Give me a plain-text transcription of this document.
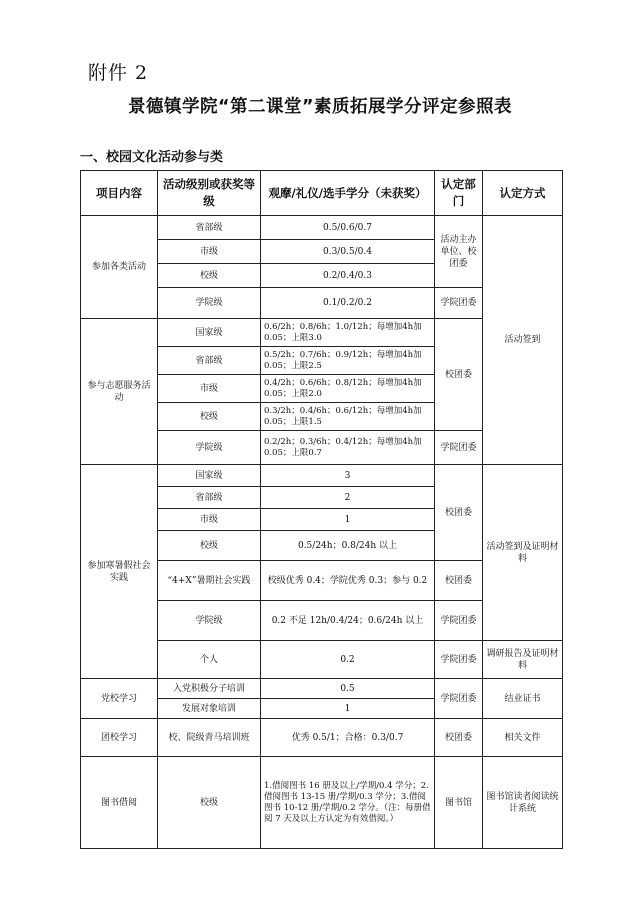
附件 2
景德镇学院“第二课堂”素质拓展学分评定参照表
一、校园文化活动参与类
项目内容	活动级别或获奖等级	观摩/礼仪/选手学分（未获奖）	认定部门	认定方式
参加各类活动	省部级	0.5/0.6/0.7	活动主办单位、校团委	活动签到
	市级	0.3/0.5/0.4		
	校级	0.2/0.4/0.3		
	学院级	0.1/0.2/0.2	学院团委	
参与志愿服务活动	国家级	0.6/2h；0.8/6h；1.0/12h；每增加4h加0.05；上限3.0	校团委	
	省部级	0.5/2h；0.7/6h；0.9/12h；每增加4h加0.05；上限2.5		
	市级	0.4/2h；0.6/6h；0.8/12h；每增加4h加0.05；上限2.0		
	校级	0.3/2h；0.4/6h；0.6/12h；每增加4h加0.05；上限1.5		
	学院级	0.2/2h；0.3/6h；0.4/12h；每增加4h加0.05；上限0.7	学院团委	
参加寒暑假社会实践	国家级	3	校团委	活动签到及证明材料
	省部级	2		
	市级	1		
	校级	0.5/24h；0.8/24h 以上		
	“4+X”暑期社会实践	校级优秀 0.4；学院优秀 0.3；参与 0.2	校团委	
	学院级	0.2 不足 12h/0.4/24；0.6/24h 以上	学院团委	
	个人	0.2	学院团委	调研报告及证明材料
党校学习	入党积极分子培训	0.5	学院团委	结业证书
	发展对象培训	1		
团校学习	校、院级青马培训班	优秀 0.5/1；合格：0.3/0.7	校团委	相关文件
图书借阅	校级	1.借阅图书 16 册及以上/学期/0.4 学分；2.借阅图书 13-15 册/学期/0.3 学分；3.借阅图书 10-12 册/学期/0.2 学分。（注：每册借阅 7 天及以上方认定为有效借阅。）	图书馆	图书馆读者阅读统计系统
